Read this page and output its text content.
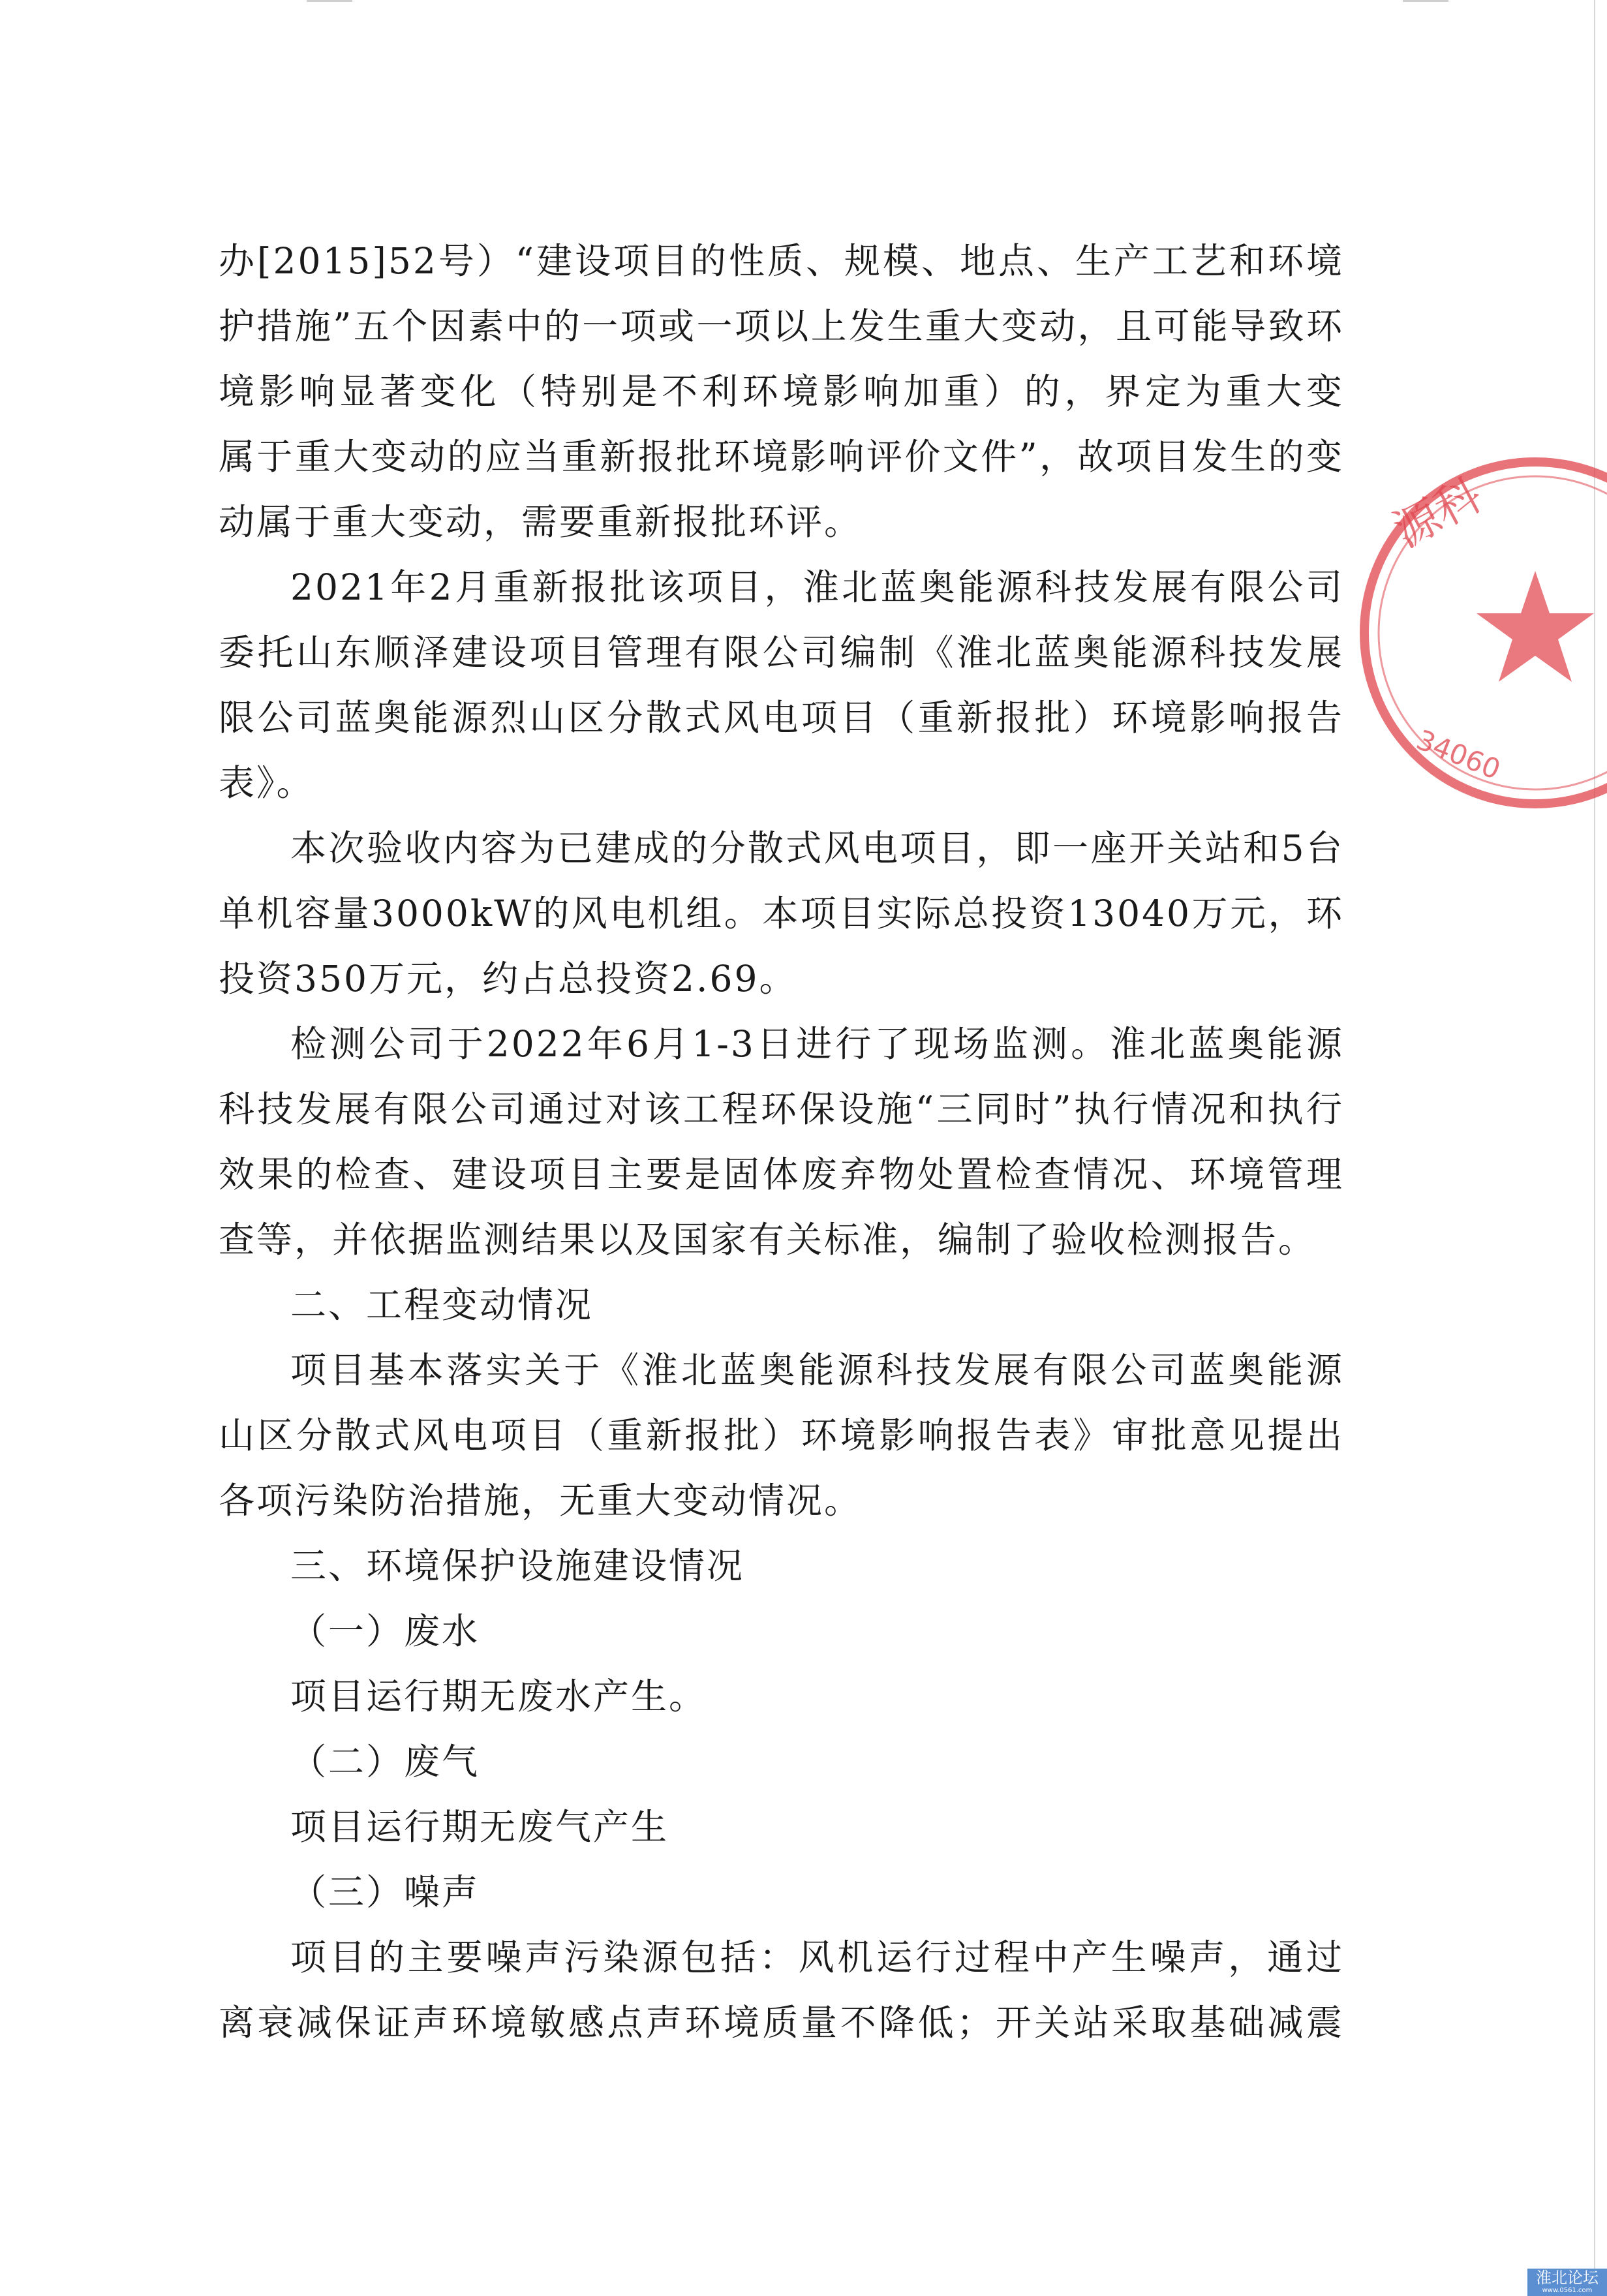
办[2015]52号）“建设项目的性质、规模、地点、生产工艺和环境
护措施”五个因素中的一项或一项以上发生重大变动，且可能导致环
境影响显著变化（特别是不利环境影响加重）的，界定为重大变
属于重大变动的应当重新报批环境影响评价文件”，故项目发生的变
动属于重大变动，需要重新报批环评。
2021年2月重新报批该项目，淮北蓝奥能源科技发展有限公司
委托山东顺泽建设项目管理有限公司编制《淮北蓝奥能源科技发展
限公司蓝奥能源烈山区分散式风电项目（重新报批）环境影响报告
表》。
本次验收内容为已建成的分散式风电项目，即一座开关站和5台
单机容量3000kW的风电机组。本项目实际总投资13040万元，环
投资350万元，约占总投资2.69。
检测公司于2022年6月1-3日进行了现场监测。淮北蓝奥能源
科技发展有限公司通过对该工程环保设施“三同时”执行情况和执行
效果的检查、建设项目主要是固体废弃物处置检查情况、环境管理
查等，并依据监测结果以及国家有关标准，编制了验收检测报告。
二、工程变动情况
项目基本落实关于《淮北蓝奥能源科技发展有限公司蓝奥能源
山区分散式风电项目（重新报批）环境影响报告表》审批意见提出
各项污染防治措施，无重大变动情况。
三、环境保护设施建设情况
（一）废水
项目运行期无废水产生。
（二）废气
项目运行期无废气产生
（三）噪声
项目的主要噪声污染源包括：风机运行过程中产生噪声，通过
离衰减保证声环境敏感点声环境质量不降低；开关站采取基础减震
源科
34060
淮北论坛
www.0561.com
